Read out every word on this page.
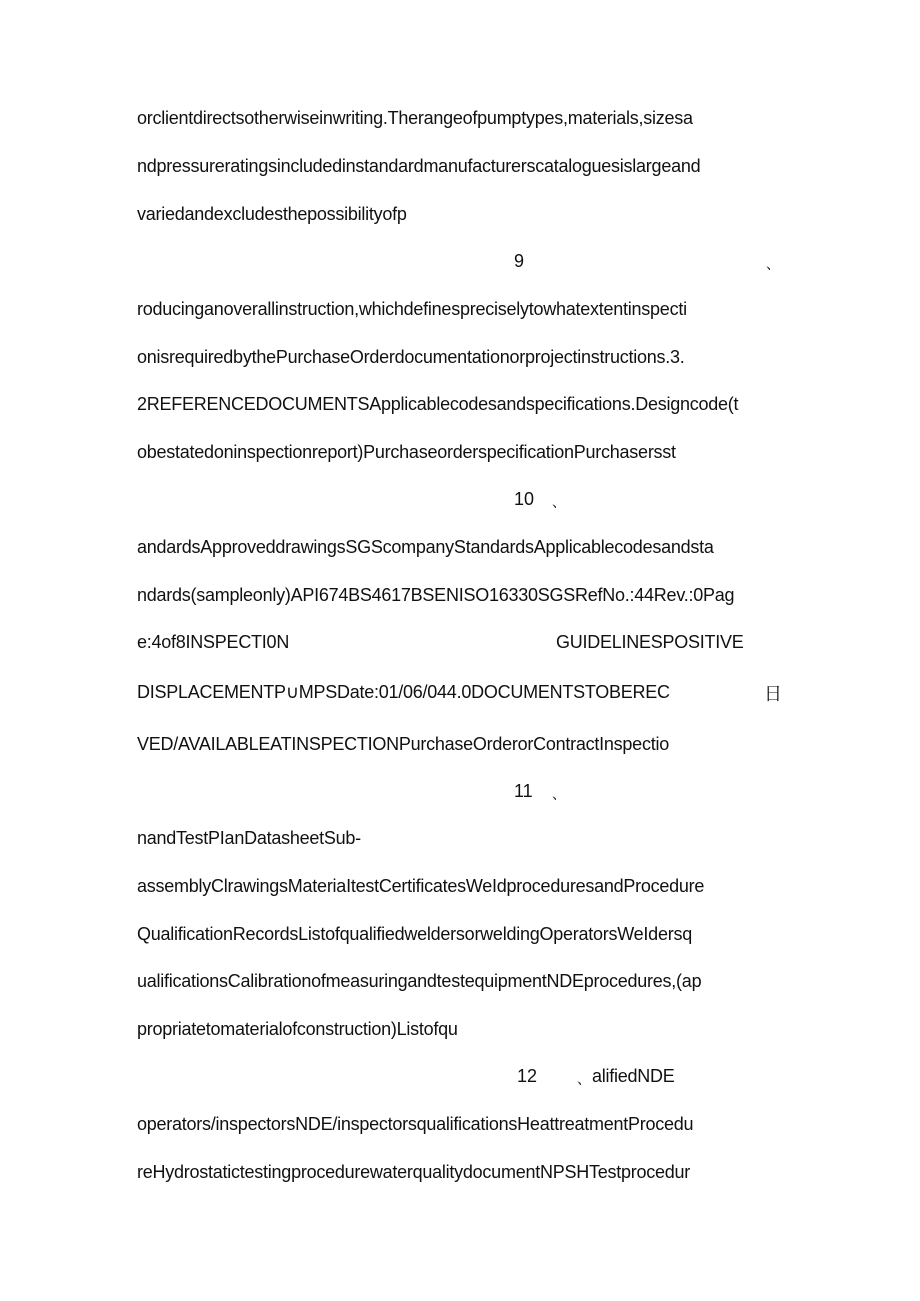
orclientdirectsotherwiseinwriting.Therangeofpumptypes,materials,sizesa
ndpressureratingsincludedinstandardmanufacturerscataloguesislargeand
variedandexcludesthepossibilityofp
9	、
roducinganoverallinstruction,whichdefinespreciselytowhatextentinspecti
onisrequiredbythePurchaseOrderdocumentationorprojectinstructions.3.
2REFERENCEDOCUMENTSApplicablecodesandspecifications.Designcode(t
obestatedoninspectionreport)PurchaseorderspecificationPurchasersst
10 、
andardsApproveddrawingsSGScompanyStandardsApplicablecodesandsta
ndards(sampleonly)API674BS4617BSENISO16330SGSRefNo.:44Rev.:0Pag
e:4of8INSPECTI0N	GUIDELINESPOSITIVE
DISPLACEMENTP∪MPSDate:01/06/044.0DOCUMENTSTOBEREC	日
VED/AVAILABLEATINSPECTIONPurchaseOrderorContractInspectio
11 、
nandTestPIanDatasheetSub-
assemblyClrawingsMateriaItestCertificatesWeIdproceduresandProcedure
QualificationRecordsListofqualifiedweldersorweldingOperatorsWeIdersq
ualificationsCalibrationofmeasuringandtestequipmentNDEprocedures,(ap
propriatetomaterialofconstruction)Listofqu
12	、 alifiedNDE
operators/inspectorsNDE/inspectorsqualificationsHeattreatmentProcedu
reHydrostatictestingprocedurewaterqualitydocumentNPSHTestprocedur
